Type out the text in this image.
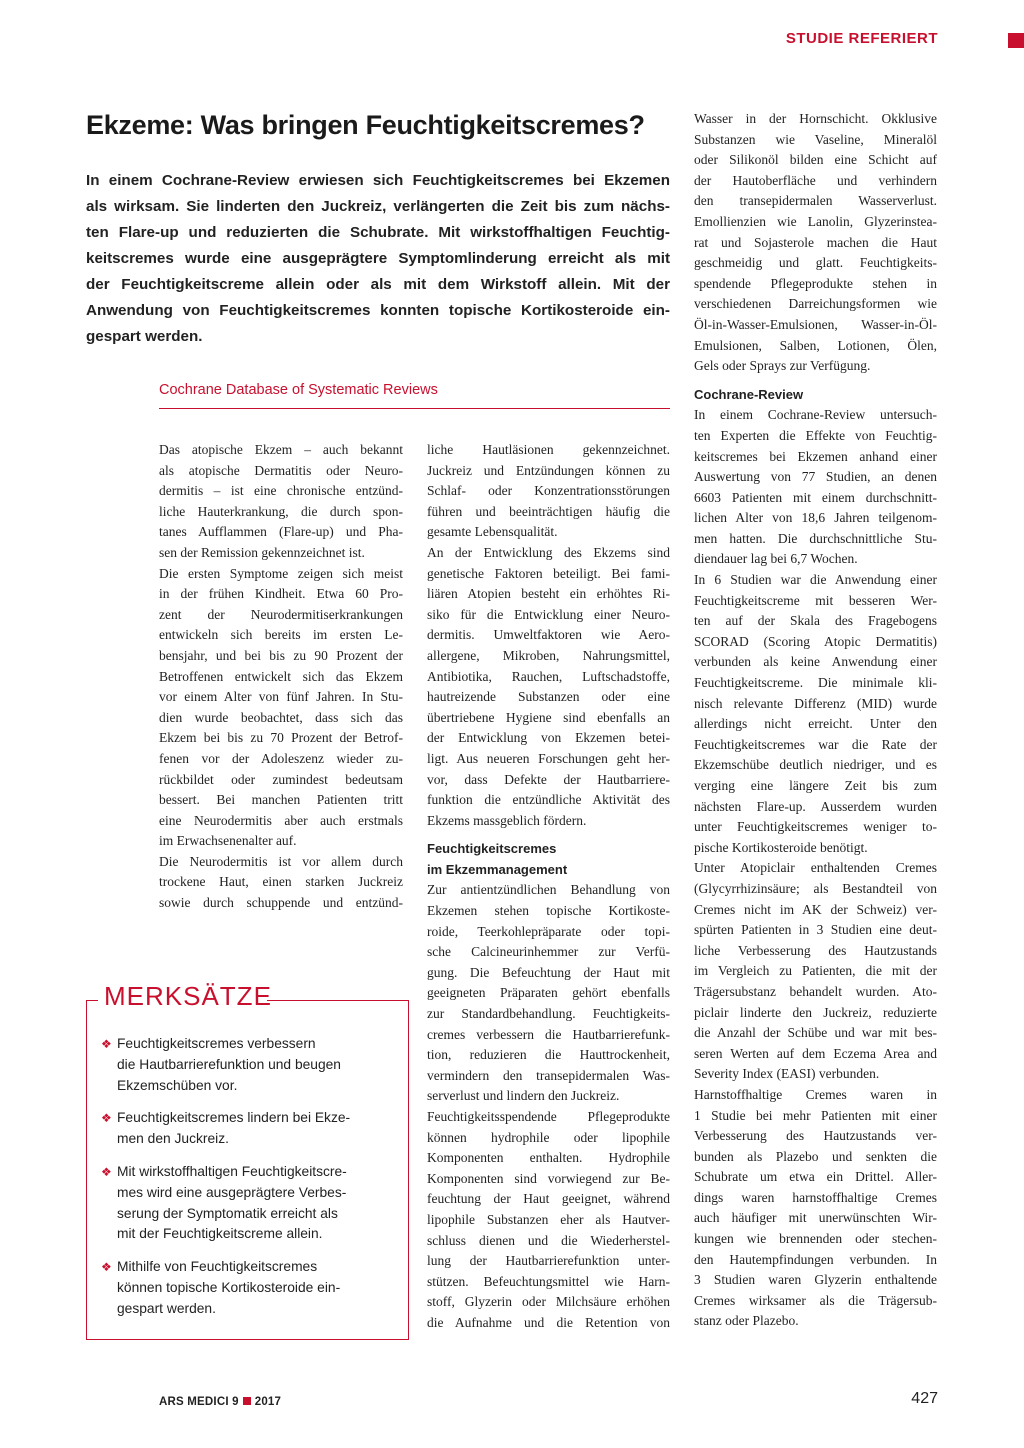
STUDIE REFERIERT
Ekzeme: Was bringen Feuchtigkeitscremes?
In einem Cochrane-Review erwiesen sich Feuchtigkeitscremes bei Ekzemen
als wirksam. Sie linderten den Juckreiz, verlängerten die Zeit bis zum nächs-
ten Flare-up und reduzierten die Schubrate. Mit wirkstoffhaltigen Feuchtig-
keitscremes wurde eine ausgeprägtere Symptomlinderung erreicht als mit
der Feuchtigkeitscreme allein oder als mit dem Wirkstoff allein. Mit der
Anwendung von Feuchtigkeitscremes konnten topische Kortikosteroide ein-
gespart werden.
Cochrane Database of Systematic Reviews
Das atopische Ekzem – auch bekannt
als atopische Dermatitis oder Neuro-
dermitis – ist eine chronische entzünd-
liche Hauterkrankung, die durch spon-
tanes Aufflammen (Flare-up) und Pha-
sen der Remission gekennzeichnet ist.
Die ersten Symptome zeigen sich meist
in der frühen Kindheit. Etwa 60 Pro-
zent der Neurodermitiserkrankungen
entwickeln sich bereits im ersten Le-
bensjahr, und bei bis zu 90 Prozent der
Betroffenen entwickelt sich das Ekzem
vor einem Alter von fünf Jahren. In Stu-
dien wurde beobachtet, dass sich das
Ekzem bei bis zu 70 Prozent der Betrof-
fenen vor der Adoleszenz wieder zu-
rückbildet oder zumindest bedeutsam
bessert. Bei manchen Patienten tritt
eine Neurodermitis aber auch erstmals
im Erwachsenenalter auf.
Die Neurodermitis ist vor allem durch
trockene Haut, einen starken Juckreiz
sowie durch schuppende und entzünd-
liche Hautläsionen gekennzeichnet.
Juckreiz und Entzündungen können zu
Schlaf- oder Konzentrationsstörungen
führen und beeinträchtigen häufig die
gesamte Lebensqualität.
An der Entwicklung des Ekzems sind
genetische Faktoren beteiligt. Bei fami-
liären Atopien besteht ein erhöhtes Ri-
siko für die Entwicklung einer Neuro-
dermitis. Umweltfaktoren wie Aero-
allergene, Mikroben, Nahrungsmittel,
Antibiotika, Rauchen, Luftschadstoffe,
hautreizende Substanzen oder eine
übertriebene Hygiene sind ebenfalls an
der Entwicklung von Ekzemen betei-
ligt. Aus neueren Forschungen geht her-
vor, dass Defekte der Hautbarriere-
funktion die entzündliche Aktivität des
Ekzems massgeblich fördern.
Feuchtigkeitscremes
im Ekzemmanagement
Zur antientzündlichen Behandlung von
Ekzemen stehen topische Kortikoste-
roide, Teerkohlepräparate oder topi-
sche Calcineurinhemmer zur Verfü-
gung. Die Befeuchtung der Haut mit
geeigneten Präparaten gehört ebenfalls
zur Standardbehandlung. Feuchtigkeits-
cremes verbessern die Hautbarrierefunk-
tion, reduzieren die Hauttrockenheit,
vermindern den transepidermalen Was-
serverlust und lindern den Juckreiz.
Feuchtigkeitsspendende Pflegeprodukte
können hydrophile oder lipophile
Komponenten enthalten. Hydrophile
Komponenten sind vorwiegend zur Be-
feuchtung der Haut geeignet, während
lipophile Substanzen eher als Hautver-
schluss dienen und die Wiederherstel-
lung der Hautbarrierefunktion unter-
stützen. Befeuchtungsmittel wie Harn-
stoff, Glyzerin oder Milchsäure erhöhen
die Aufnahme und die Retention von
Wasser in der Hornschicht. Okklusive
Substanzen wie Vaseline, Mineralöl
oder Silikonöl bilden eine Schicht auf
der Hautoberfläche und verhindern
den transepidermalen Wasserverlust.
Emollienzien wie Lanolin, Glyzerinstea-
rat und Sojasterole machen die Haut
geschmeidig und glatt. Feuchtigkeits-
spendende Pflegeprodukte stehen in
verschiedenen Darreichungsformen wie
Öl-in-Wasser-Emulsionen, Wasser-in-Öl-
Emulsionen, Salben, Lotionen, Ölen,
Gels oder Sprays zur Verfügung.
Cochrane-Review
In einem Cochrane-Review untersuch-
ten Experten die Effekte von Feuchtig-
keitscremes bei Ekzemen anhand einer
Auswertung von 77 Studien, an denen
6603 Patienten mit einem durchschnitt-
lichen Alter von 18,6 Jahren teilgenom-
men hatten. Die durchschnittliche Stu-
diendauer lag bei 6,7 Wochen.
In 6 Studien war die Anwendung einer
Feuchtigkeitscreme mit besseren Wer-
ten auf der Skala des Fragebogens
SCORAD (Scoring Atopic Dermatitis)
verbunden als keine Anwendung einer
Feuchtigkeitscreme. Die minimale kli-
nisch relevante Differenz (MID) wurde
allerdings nicht erreicht. Unter den
Feuchtigkeitscremes war die Rate der
Ekzemschübe deutlich niedriger, und es
verging eine längere Zeit bis zum
nächsten Flare-up. Ausserdem wurden
unter Feuchtigkeitscremes weniger to-
pische Kortikosteroide benötigt.
Unter Atopiclair enthaltenden Cremes
(Glycyrrhizinsäure; als Bestandteil von
Cremes nicht im AK der Schweiz) ver-
spürten Patienten in 3 Studien eine deut-
liche Verbesserung des Hautzustands
im Vergleich zu Patienten, die mit der
Trägersubstanz behandelt wurden. Ato-
piclair linderte den Juckreiz, reduzierte
die Anzahl der Schübe und war mit bes-
seren Werten auf dem Eczema Area and
Severity Index (EASI) verbunden.
Harnstoffhaltige Cremes waren in
1 Studie bei mehr Patienten mit einer
Verbesserung des Hautzustands ver-
bunden als Plazebo und senkten die
Schubrate um etwa ein Drittel. Aller-
dings waren harnstoffhaltige Cremes
auch häufiger mit unerwünschten Wir-
kungen wie brennenden oder stechen-
den Hautempfindungen verbunden. In
3 Studien waren Glyzerin enthaltende
Cremes wirksamer als die Trägersub-
stanz oder Plazebo.
MERKSÄTZE
❖ Feuchtigkeitscremes verbessern
die Hautbarrierefunktion und beugen
Ekzemschüben vor.
❖ Feuchtigkeitscremes lindern bei Ekze-
men den Juckreiz.
❖ Mit wirkstoffhaltigen Feuchtigkeitscre-
mes wird eine ausgeprägtere Verbes-
serung der Symptomatik erreicht als
mit der Feuchtigkeitscreme allein.
❖ Mithilfe von Feuchtigkeitscremes
können topische Kortikosteroide ein-
gespart werden.
ARS MEDICI 9 2017	427
